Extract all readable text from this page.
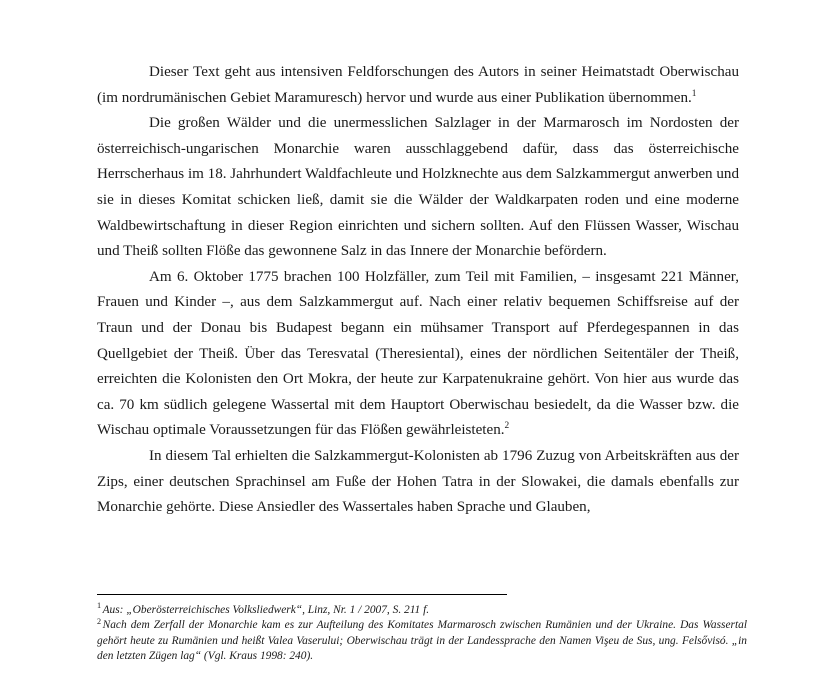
Dieser Text geht aus intensiven Feldforschungen des Autors in seiner Heimatstadt Oberwischau (im nordrumänischen Gebiet Maramuresch) hervor und wurde aus einer Publikation übernommen.$^1$

Die großen Wälder und die unermesslichen Salzlager in der Marmarosch im Nordosten der österreichisch-ungarischen Monarchie waren ausschlaggebend dafür, dass das österreichische Herrscherhaus im 18. Jahrhundert Waldfachleute und Holzknechte aus dem Salzkammergut anwerben und sie in dieses Komitat schicken ließ, damit sie die Wälder der Waldkarpaten roden und eine moderne Waldbewirtschaftung in dieser Region einrichten und sichern sollten. Auf den Flüssen Wasser, Wischau und Theiß sollten Flöße das gewonnene Salz in das Innere der Monarchie befördern.

Am 6. Oktober 1775 brachen 100 Holzfäller, zum Teil mit Familien, – insgesamt 221 Männer, Frauen und Kinder –, aus dem Salzkammergut auf. Nach einer relativ bequemen Schiffsreise auf der Traun und der Donau bis Budapest begann ein mühsamer Transport auf Pferdegespannen in das Quellgebiet der Theiß. Über das Teresvatal (Theresiental), eines der nördlichen Seitentäler der Theiß, erreichten die Kolonisten den Ort Mokra, der heute zur Karpatenukraine gehört. Von hier aus wurde das ca. 70 km südlich gelegene Wassertal mit dem Hauptort Oberwischau besiedelt, da die Wasser bzw. die Wischau optimale Voraussetzungen für das Flößen gewährleisteten.$^2$

In diesem Tal erhielten die Salzkammergut-Kolonisten ab 1796 Zuzug von Arbeitskräften aus der Zips, einer deutschen Sprachinsel am Fuße der Hohen Tatra in der Slowakei, die damals ebenfalls zur Monarchie gehörte. Diese Ansiedler des Wassertales haben Sprache und Glauben,

$^1$ Aus: „Oberösterreichisches Volksliedwerk“, Linz, Nr. 1 / 2007, S. 211 f.

$^2$ Nach dem Zerfall der Monarchie kam es zur Aufteilung des Komitates Marmarosch zwischen Rumänien und der Ukraine. Das Wassertal gehört heute zu Rumänien und heißt Valea Vaserului; Oberwischau trägt in der Landessprache den Namen Vişeu de Sus, ung. Felsővisó. „in den letzten Zügen lag“ (Vgl. Kraus 1998: 240).
